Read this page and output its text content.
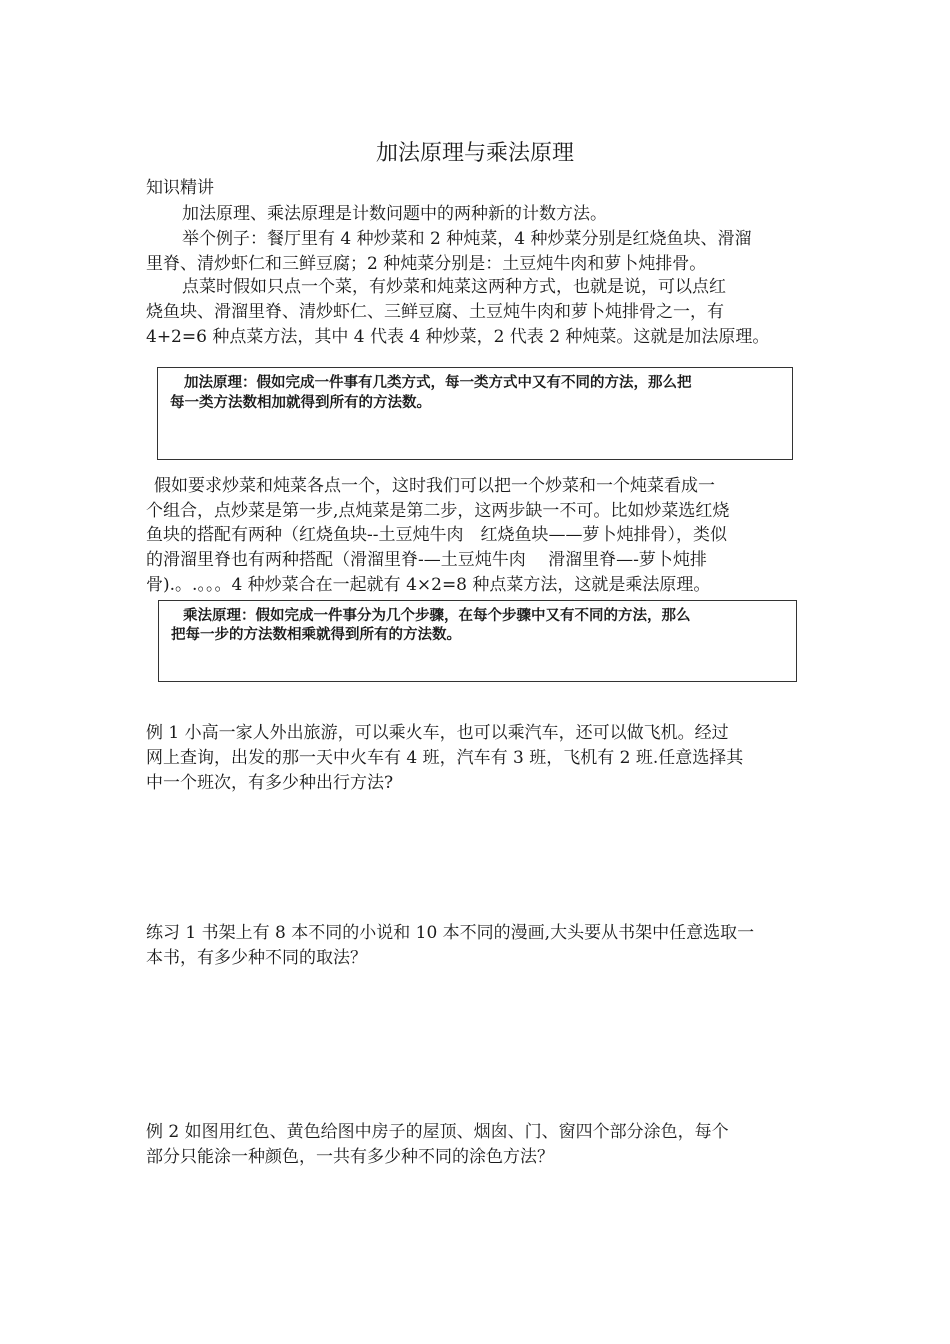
加法原理与乘法原理
知识精讲
加法原理、乘法原理是计数问题中的两种新的计数方法。
举个例子：餐厅里有 4 种炒菜和 2 种炖菜，4 种炒菜分别是红烧鱼块、滑溜
里脊、清炒虾仁和三鲜豆腐；2 种炖菜分别是：土豆炖牛肉和萝卜炖排骨。
点菜时假如只点一个菜，有炒菜和炖菜这两种方式，也就是说，可以点红
烧鱼块、滑溜里脊、清炒虾仁、三鲜豆腐、土豆炖牛肉和萝卜炖排骨之一，有
4+2=6 种点菜方法，其中 4 代表 4 种炒菜，2 代表 2 种炖菜。这就是加法原理。
加法原理：假如完成一件事有几类方式，每一类方式中又有不同的方法，那么把
每一类方法数相加就得到所有的方法数。
假如要求炒菜和炖菜各点一个，这时我们可以把一个炒菜和一个炖菜看成一
个组合，点炒菜是第一步,点炖菜是第二步，这两步缺一不可。比如炒菜选红烧
鱼块的搭配有两种（红烧鱼块--土豆炖牛肉　红烧鱼块——萝卜炖排骨），类似
的滑溜里脊也有两种搭配（滑溜里脊-—土豆炖牛肉　 滑溜里脊—-萝卜炖排
骨).。.。。。4 种炒菜合在一起就有 4×2=8 种点菜方法，这就是乘法原理。
乘法原理：假如完成一件事分为几个步骤，在每个步骤中又有不同的方法，那么
把每一步的方法数相乘就得到所有的方法数。
例 1 小高一家人外出旅游，可以乘火车，也可以乘汽车，还可以做飞机。经过
网上查询，出发的那一天中火车有 4 班，汽车有 3 班，飞机有 2 班.任意选择其
中一个班次，有多少种出行方法?
练习 1 书架上有 8 本不同的小说和 10 本不同的漫画,大头要从书架中任意选取一
本书，有多少种不同的取法？
例 2 如图用红色、黄色给图中房子的屋顶、烟囱、门、窗四个部分涂色，每个
部分只能涂一种颜色，一共有多少种不同的涂色方法？
